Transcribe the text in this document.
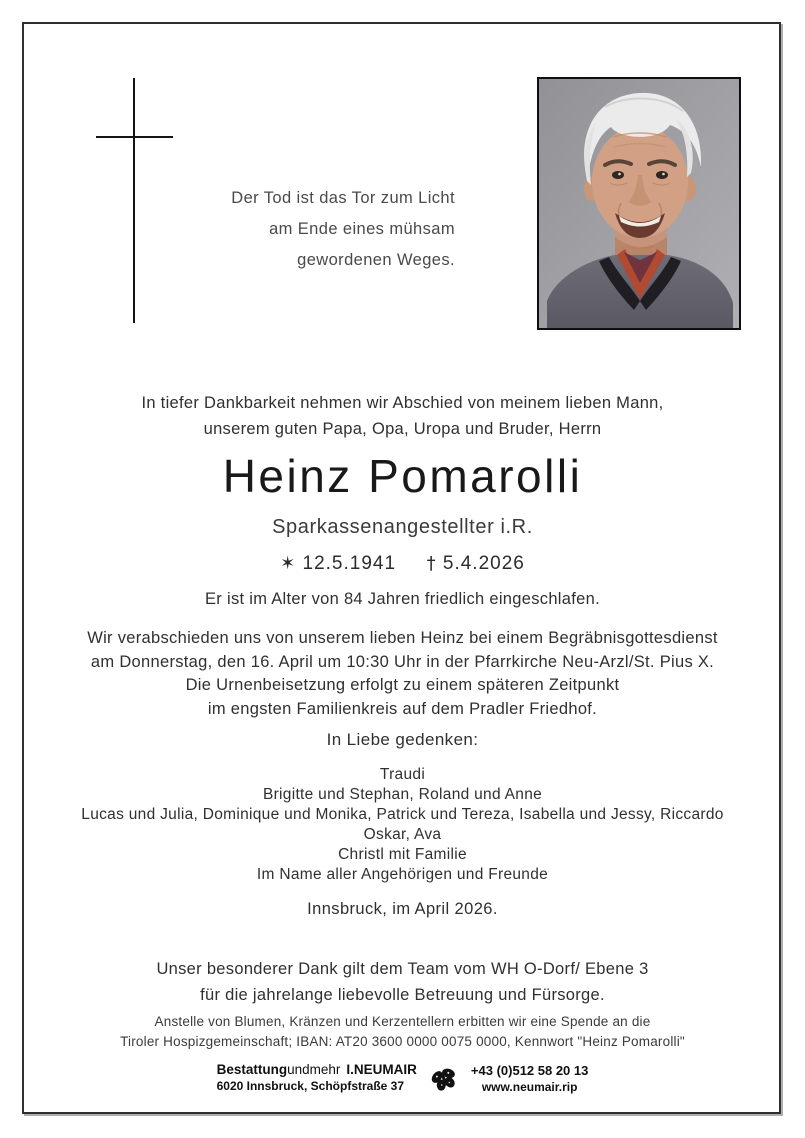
Der Tod ist das Tor zum Licht
am Ende eines mühsam
gewordenen Weges.
In tiefer Dankbarkeit nehmen wir Abschied von meinem lieben Mann,
unserem guten Papa, Opa, Uropa und Bruder, Herrn
Heinz Pomarolli
Sparkassenangestellter i.R.
✶ 12.5.1941 † 5.4.2026
Er ist im Alter von 84 Jahren friedlich eingeschlafen.
Wir verabschieden uns von unserem lieben Heinz bei einem Begräbnisgottesdienst
am Donnerstag, den 16. April um 10:30 Uhr in der Pfarrkirche Neu-Arzl/St. Pius X.
Die Urnenbeisetzung erfolgt zu einem späteren Zeitpunkt
im engsten Familienkreis auf dem Pradler Friedhof.
In Liebe gedenken:
Traudi
Brigitte und Stephan, Roland und Anne
Lucas und Julia, Dominique und Monika, Patrick und Tereza, Isabella und Jessy, Riccardo
Oskar, Ava
Christl mit Familie
Im Name aller Angehörigen und Freunde
Innsbruck, im April 2026.
Unser besonderer Dank gilt dem Team vom WH O-Dorf/ Ebene 3
für die jahrelange liebevolle Betreuung und Fürsorge.
Anstelle von Blumen, Kränzen und Kerzentellern erbitten wir eine Spende an die
Tiroler Hospizgemeinschaft; IBAN: AT20 3600 0000 0075 0000, Kennwort "Heinz Pomarolli"
Bestattungundmehr I.NEUMAIR
6020 Innsbruck, Schöpfstraße 37
+43 (0)512 58 20 13
www.neumair.rip
